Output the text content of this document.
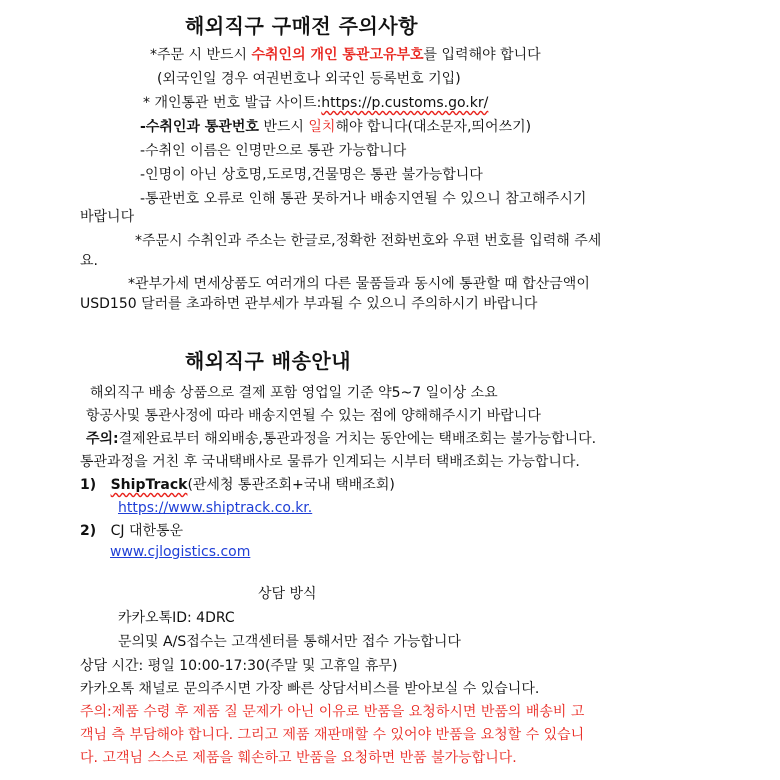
해외직구 구매전 주의사항
*주문 시 반드시 수취인의 개인 통관고유부호를 입력해야 합니다
(외국인일 경우 여권번호나 외국인 등록번호 기입)
* 개인통관 번호 발급 사이트:https://p.customs.go.kr/
-수취인과 통관번호 반드시 일치해야 합니다(대소문자,띄어쓰기)
-수취인 이름은 인명만으로 통관 가능합니다
-인명이 아닌 상호명,도로명,건물명은 통관 불가능합니다
-통관번호 오류로 인해 통관 못하거나 배송지연될 수 있으니 참고해주시기
바랍니다
*주문시 수취인과 주소는 한글로,정확한 전화번호와 우편 번호를 입력해 주세
요.
*관부가세 면세상품도 여러개의 다른 물품들과 동시에 통관할 때 합산금액이
USD150 달러를 초과하면 관부세가 부과될 수 있으니 주의하시기 바랍니다
해외직구 배송안내
해외직구 배송 상품으로 결제 포함 영업일 기준 약5~7 일이상 소요
항공사및 통관사정에 따라 배송지연될 수 있는 점에 양해해주시기 바랍니다
주의:결제완료부터 해외배송,통관과정을 거치는 동안에는 택배조회는 불가능합니다.
통관과정을 거친 후 국내택배사로 물류가 인계되는 시부터 택배조회는 가능합니다.
1) ShipTrack(관세청 통관조회+국내 택배조회)
https://www.shiptrack.co.kr.
2) CJ 대한통운
www.cjlogistics.com
상담 방식
카카오톡ID: 4DRC
문의및 A/S접수는 고객센터를 통해서만 접수 가능합니다
상담 시간: 평일 10:00-17:30(주말 및 고휴일 휴무)
카카오톡 채널로 문의주시면 가장 빠른 상담서비스를 받아보실 수 있습니다.
주의:제품 수령 후 제품 질 문제가 아닌 이유로 반품을 요청하시면 반품의 배송비 고
객님 측 부담해야 합니다. 그리고 제품 재판매할 수 있어야 반품을 요청할 수 있습니
다. 고객님 스스로 제품을 훼손하고 반품을 요청하면 반품 불가능합니다.
